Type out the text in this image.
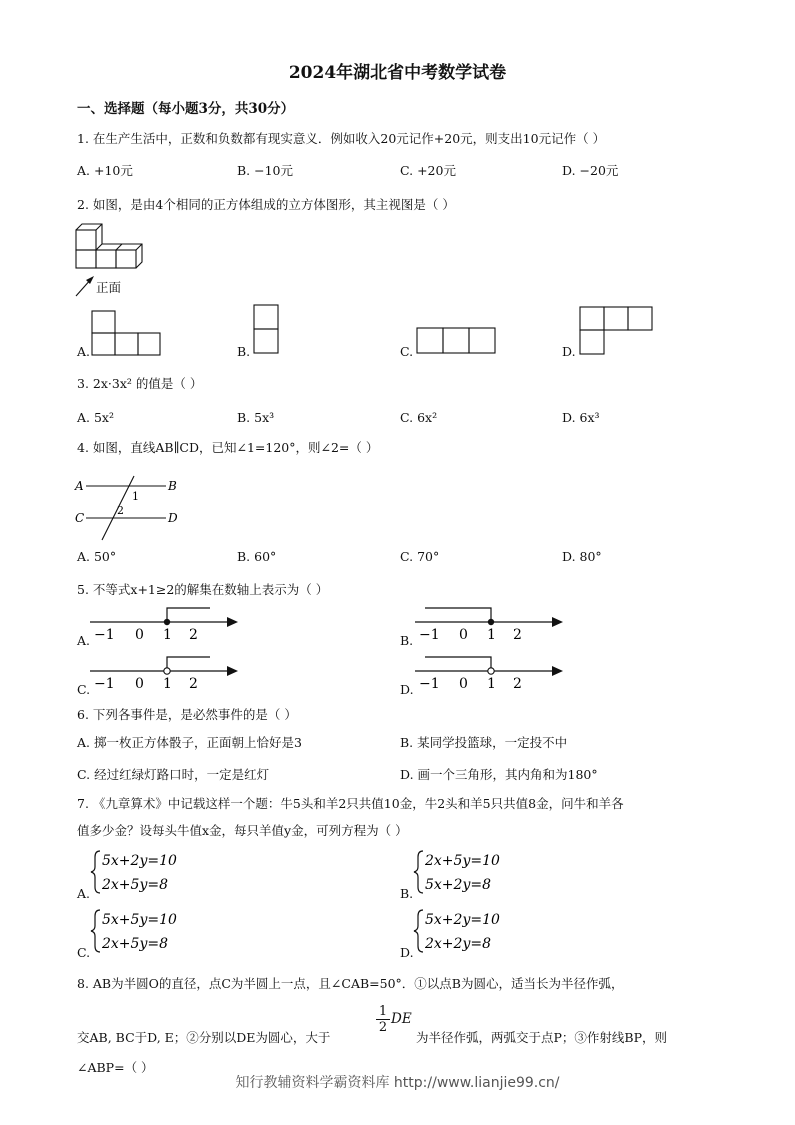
2024年湖北省中考数学试卷
一、选择题（每小题3分，共30分）
1. 在生产生活中，正数和负数都有现实意义．例如收入20元记作+20元，则支出10元记作（ ）
A. +10元	B. −10元	C. +20元	D. −20元
2. 如图，是由4个相同的正方体组成的立方体图形，其主视图是（ ）
正面
A.	B.	C.	D.
3. 2x·3x² 的值是（ ）
A. 5x²	B. 5x³	C. 6x²	D. 6x³
4. 如图，直线AB∥CD，已知∠1=120°，则∠2=（ ）
A	B
C	D
1
2
A. 50°	B. 60°	C. 70°	D. 80°
5. 不等式x+1≥2的解集在数轴上表示为（ ）
A. −1 0 1 2	B. −1 0 1 2
C. −1 0 1 2	D. −1 0 1 2
6. 下列各事件是，是必然事件的是（ ）
A. 掷一枚正方体骰子，正面朝上恰好是3	B. 某同学投篮球，一定投不中
C. 经过红绿灯路口时，一定是红灯	D. 画一个三角形，其内角和为180°
7. 《九章算术》中记载这样一个题：牛5头和羊2只共值10金，牛2头和羊5只共值8金，问牛和羊各
值多少金？设每头牛值x金，每只羊值y金，可列方程为（ ）
A.
5x+2y=10
2x+5y=8
B.
2x+5y=10
5x+2y=8
C.
5x+5y=10
2x+5y=8
D.
5x+2y=10
2x+2y=8
8. AB为半圆O的直径，点C为半圆上一点，且∠CAB=50°．①以点B为圆心，适当长为半径作弧，
交AB, BC于D, E；②分别以DE为圆心，大于
$\frac{1}{2}$ DE
为半径作弧，两弧交于点P；③作射线BP，则
∠ABP=（ ）
知行教辅资料学霸资料库 http://www.lianjie99.cn/
